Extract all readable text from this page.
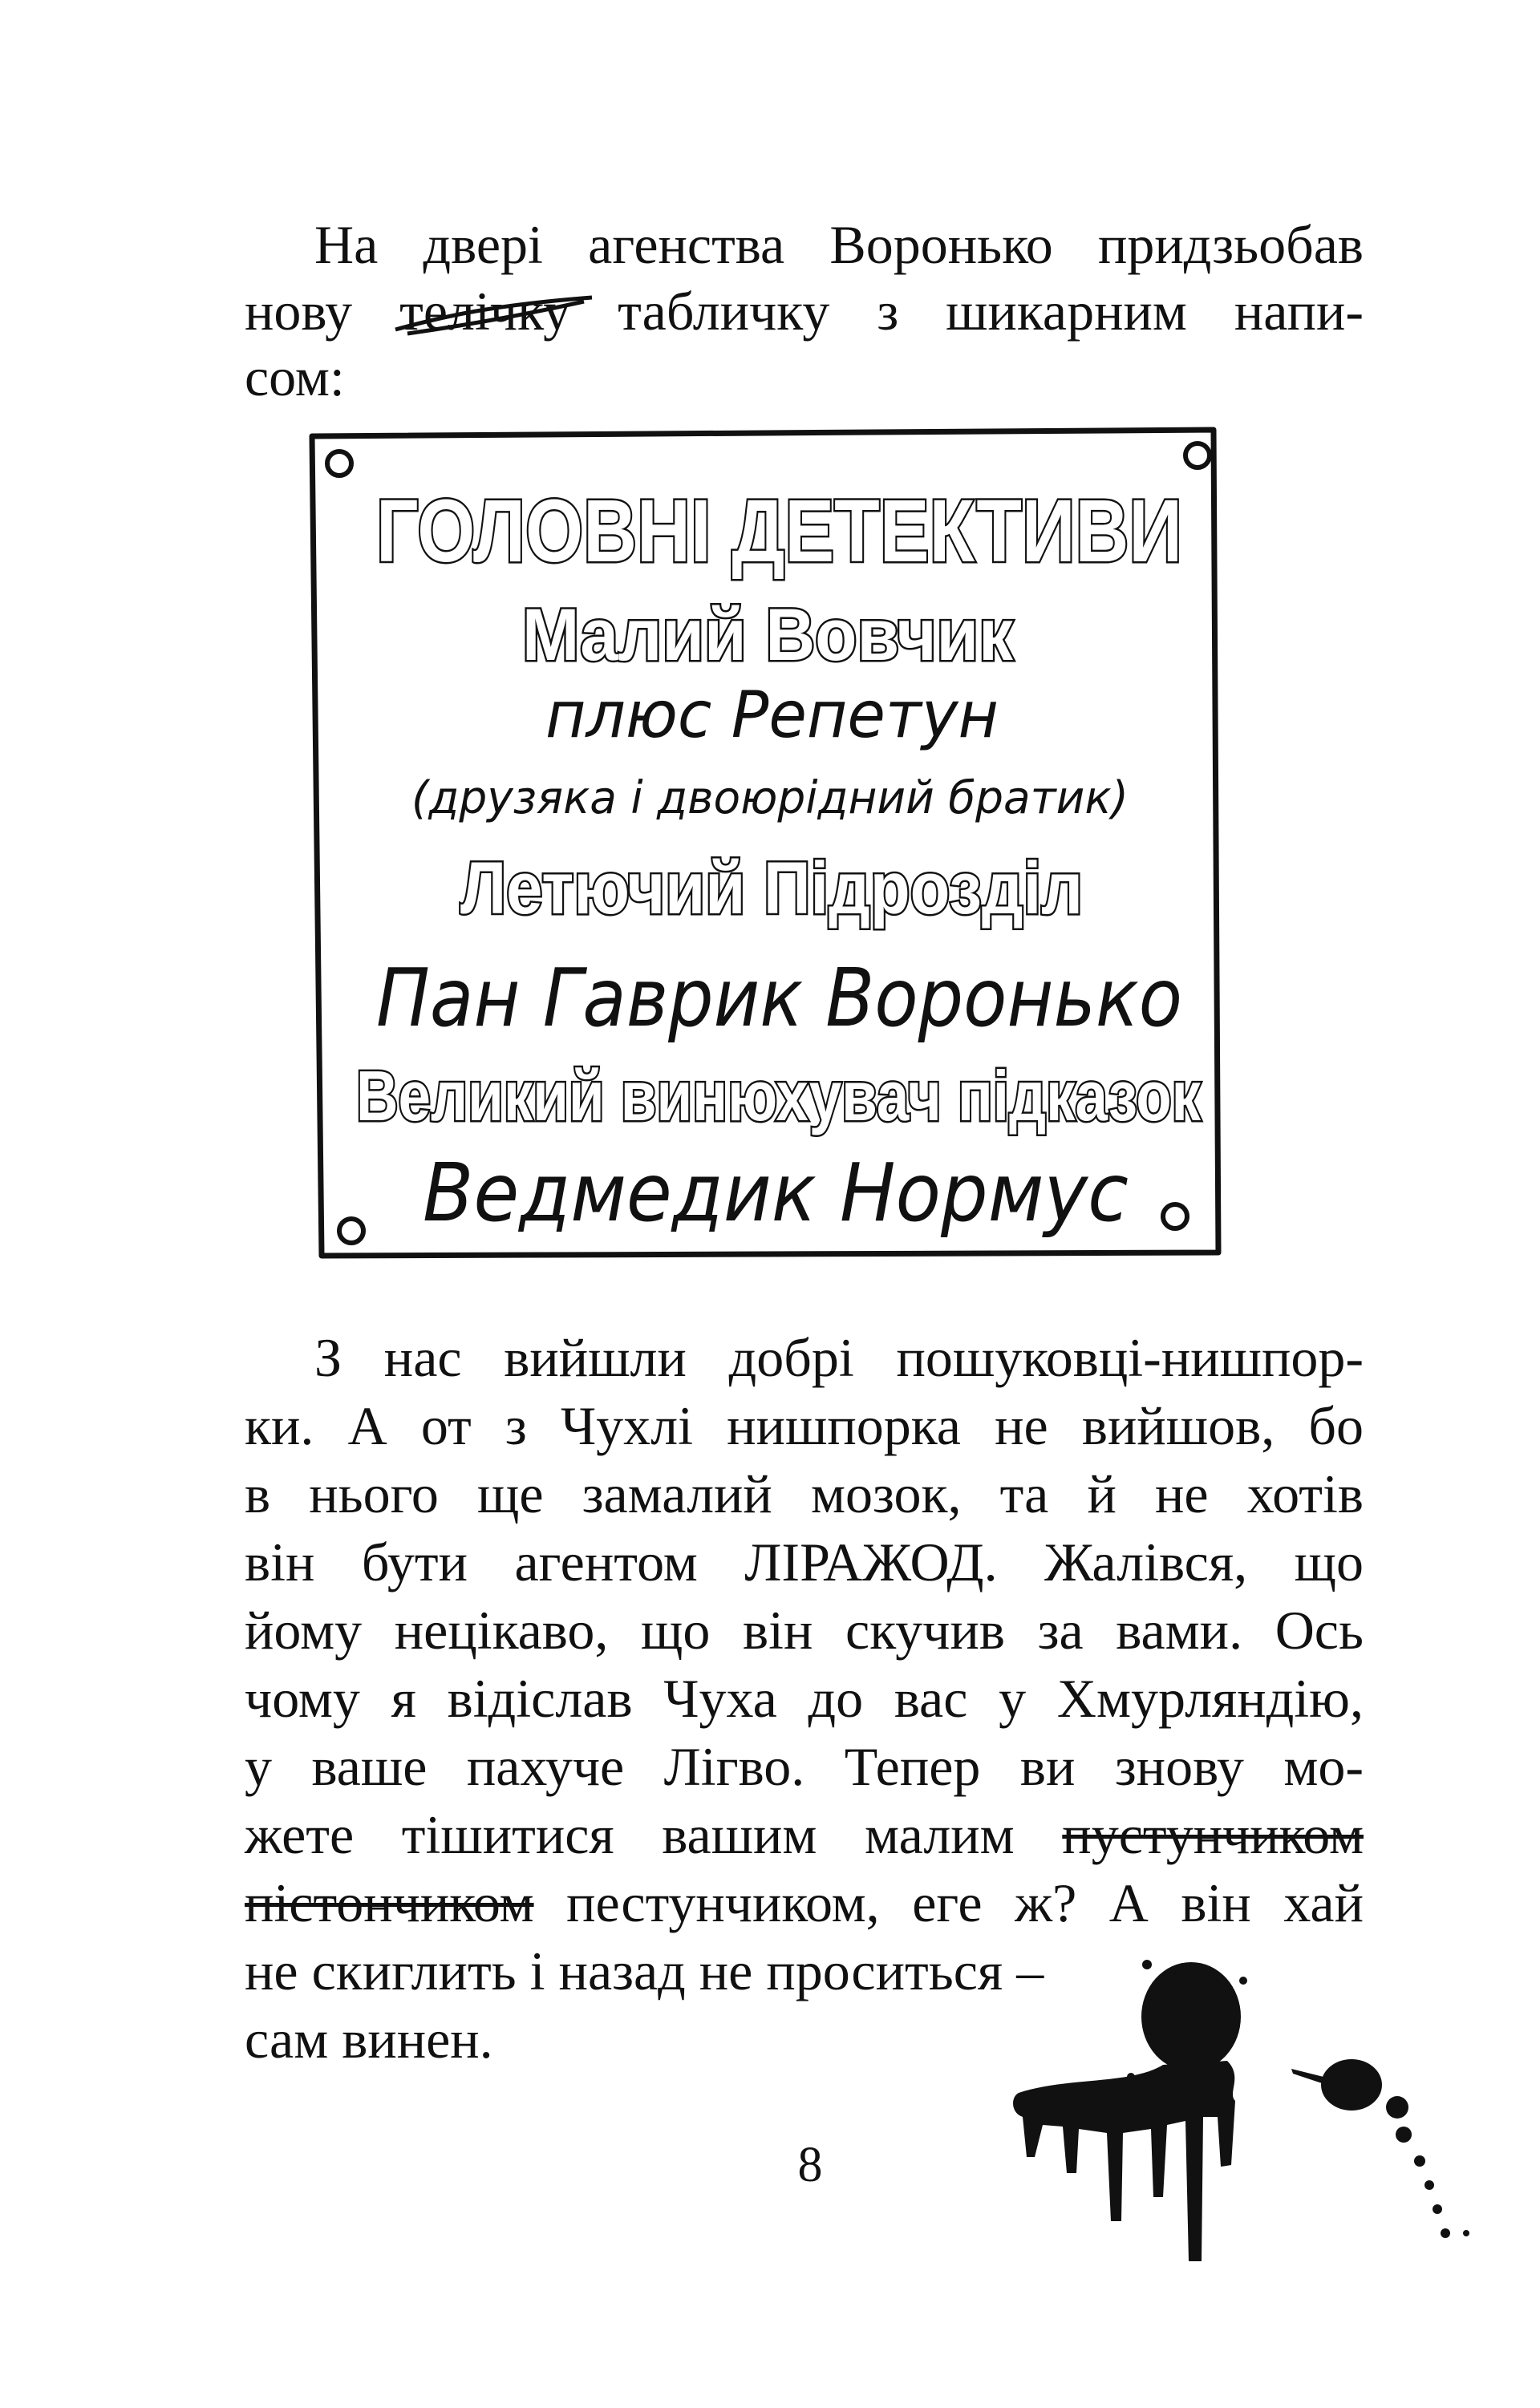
На двері агенства Воронько придзьобав
нову телічку
табличку з шикарним напи-
сом:
ГОЛОВНІ ДЕТЕКТИВИ
Малий Вовчик
плюс Репетун
(друзяка і двоюрідний братик)
Летючий Підрозділ
Пан Гаврик Воронько
Великий винюхувач підказок
Ведмедик Нормус
З нас вийшли добрі пошуковці-нишпор-
ки. А от з Чухлі нишпорка не вийшов, бо
в нього ще замалий мозок, та й не хотів
він бути агентом ЛІРАЖОД. Жалівся, що
йому нецікаво, що він скучив за вами. Ось
чому я відіслав Чуха до вас у Хмурляндію,
у ваше пахуче Лігво. Тепер ви знову мо-
жете тішитися вашим малим пустунчиком
пістончиком пестунчиком, еге ж? А він хай
не скиглить і назад не проситься –
сам винен.
8
